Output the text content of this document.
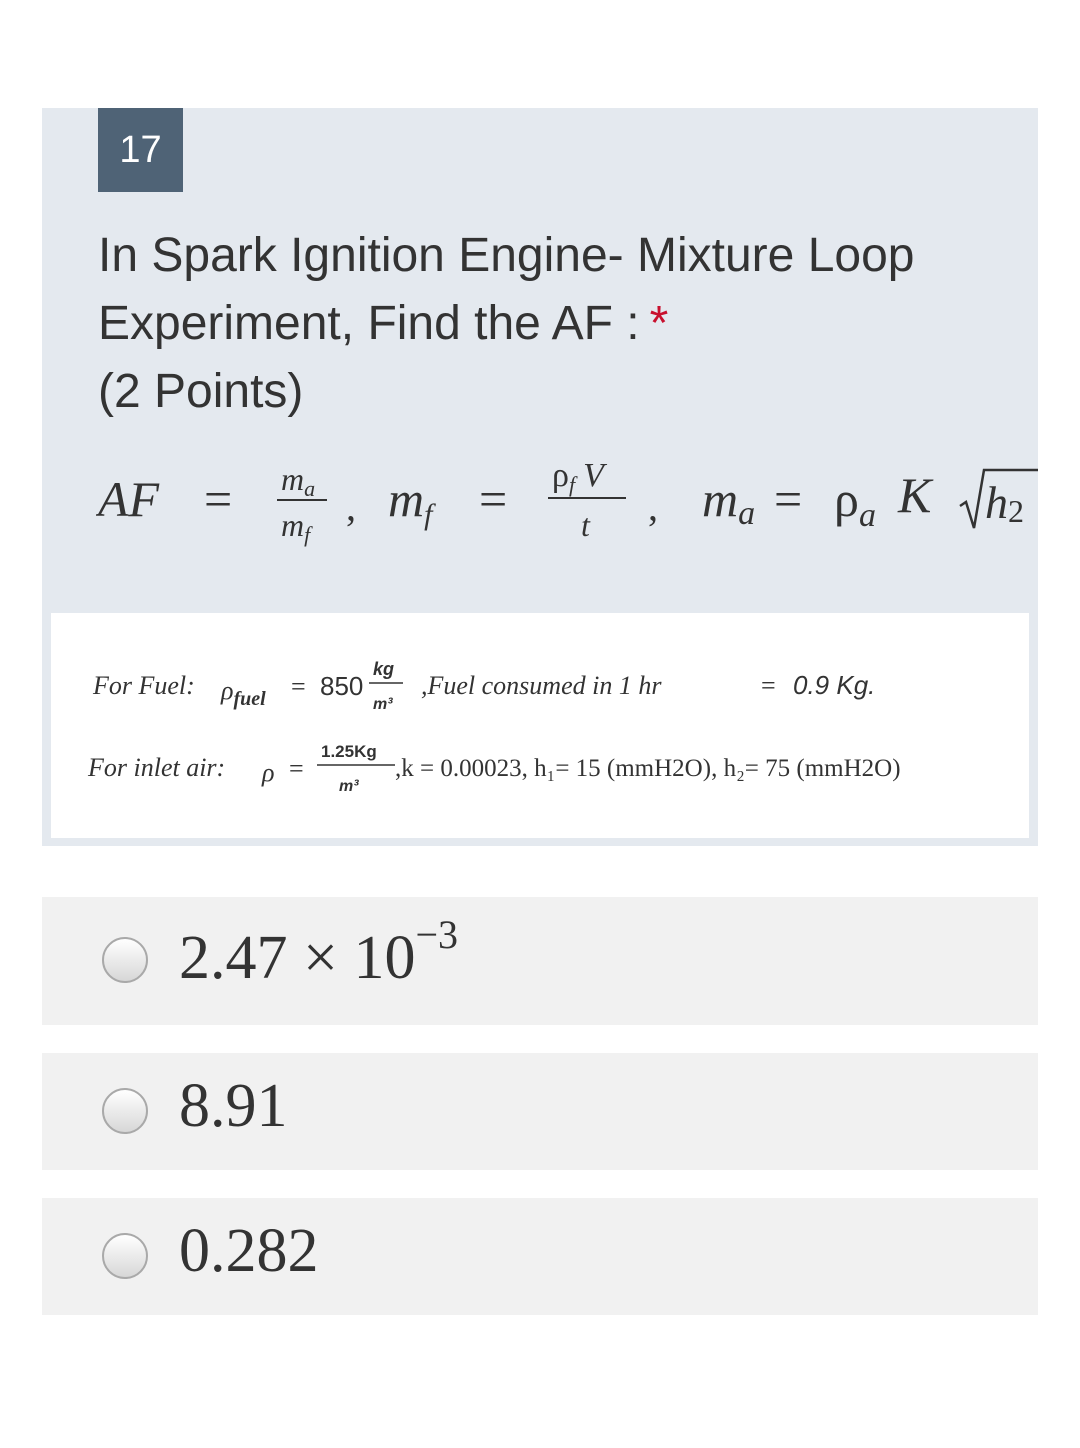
17
In Spark Ignition Engine- Mixture Loop Experiment, Find the AF : *
(2 Points)
AF = ma
mf
, mf = ρf V
t , ma = $\rho_a$ K h2
For Fuel: $\rho_{fuel} = 850$
kg
m³
,Fuel consumed in 1 hr	= 0.9 Kg.
For inlet air: ρ =
1.25Kg
m³
,k = 0.00023, h₁= 15 (mmH2O), h₂= 75 (mmH2O)
$2.47 \times 10^{-3}$
8.91
0.282
